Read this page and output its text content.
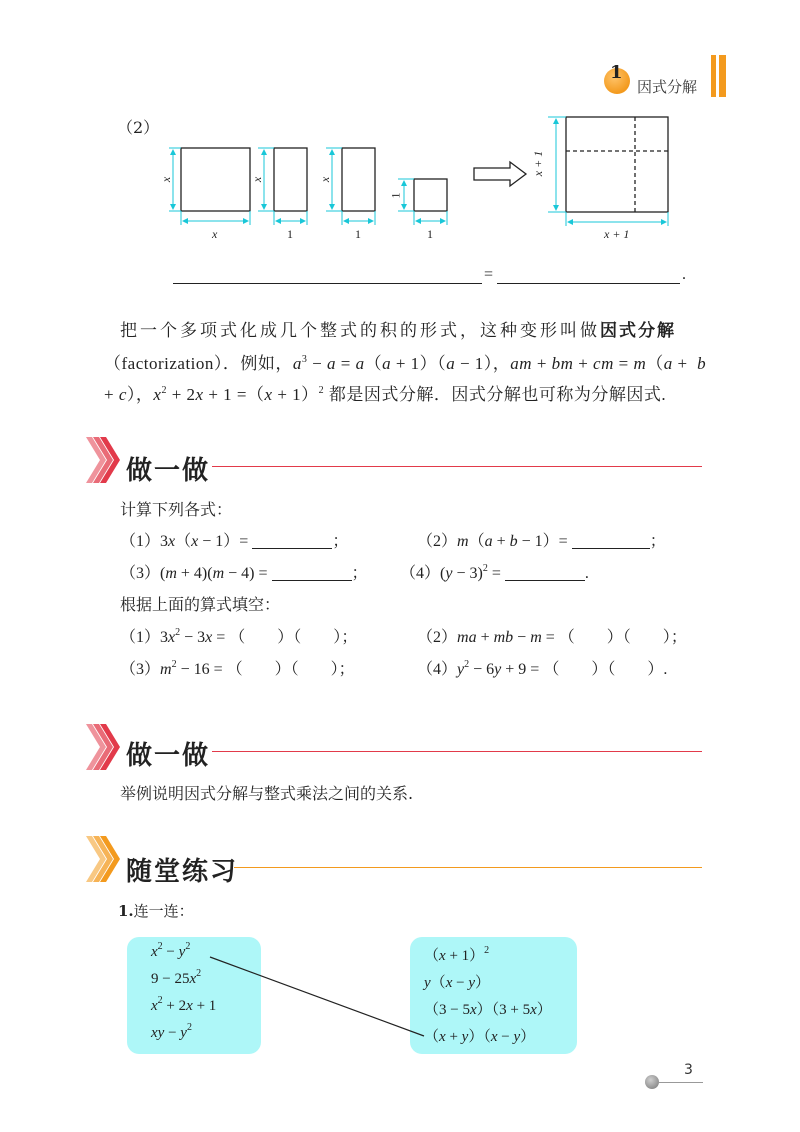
1
因式分解
（2）
x
x
x
1
x
1
1
1
x + 1
x + 1
=	.
把一个多项式化成几个整式的积的形式，这种变形叫做因式分解
（factorization）．例如，$a^3 - a = a(a + 1)(a - 1)$，am + bm + cm = m（a +  b
+ c），$x^2 + 2x + 1 =(x + 1)^2$ 都是因式分解．因式分解也可称为分解因式.
做一做
计算下列各式：
（1）3x（x − 1）=	；	（2）m（a + b − 1）=	；
（3）(m + 4)(m − 4) =	； $(4)(y - 3)^2$ =	.
根据上面的算式填空：
$(1)3x^2 - 3x$ = （　　）（　　）；	（2）ma + mb − m = （　　）（　　）；
$(3)m^2 - 16$ = （　　）（　　）；	$(4)y^2 - 6y + 9$ = （　　）（　　）.
做一做
举例说明因式分解与整式乘法之间的关系.
随堂练习
1.连一连：
$x^2 - y^2$
$9 - 25x^2$
$x^2 + 2x + 1$
xy − $y^2$
$(x + 1)^2$
y（x − y）
（3 − 5x）（3 + 5x）
（x + y）（x − y）
3
